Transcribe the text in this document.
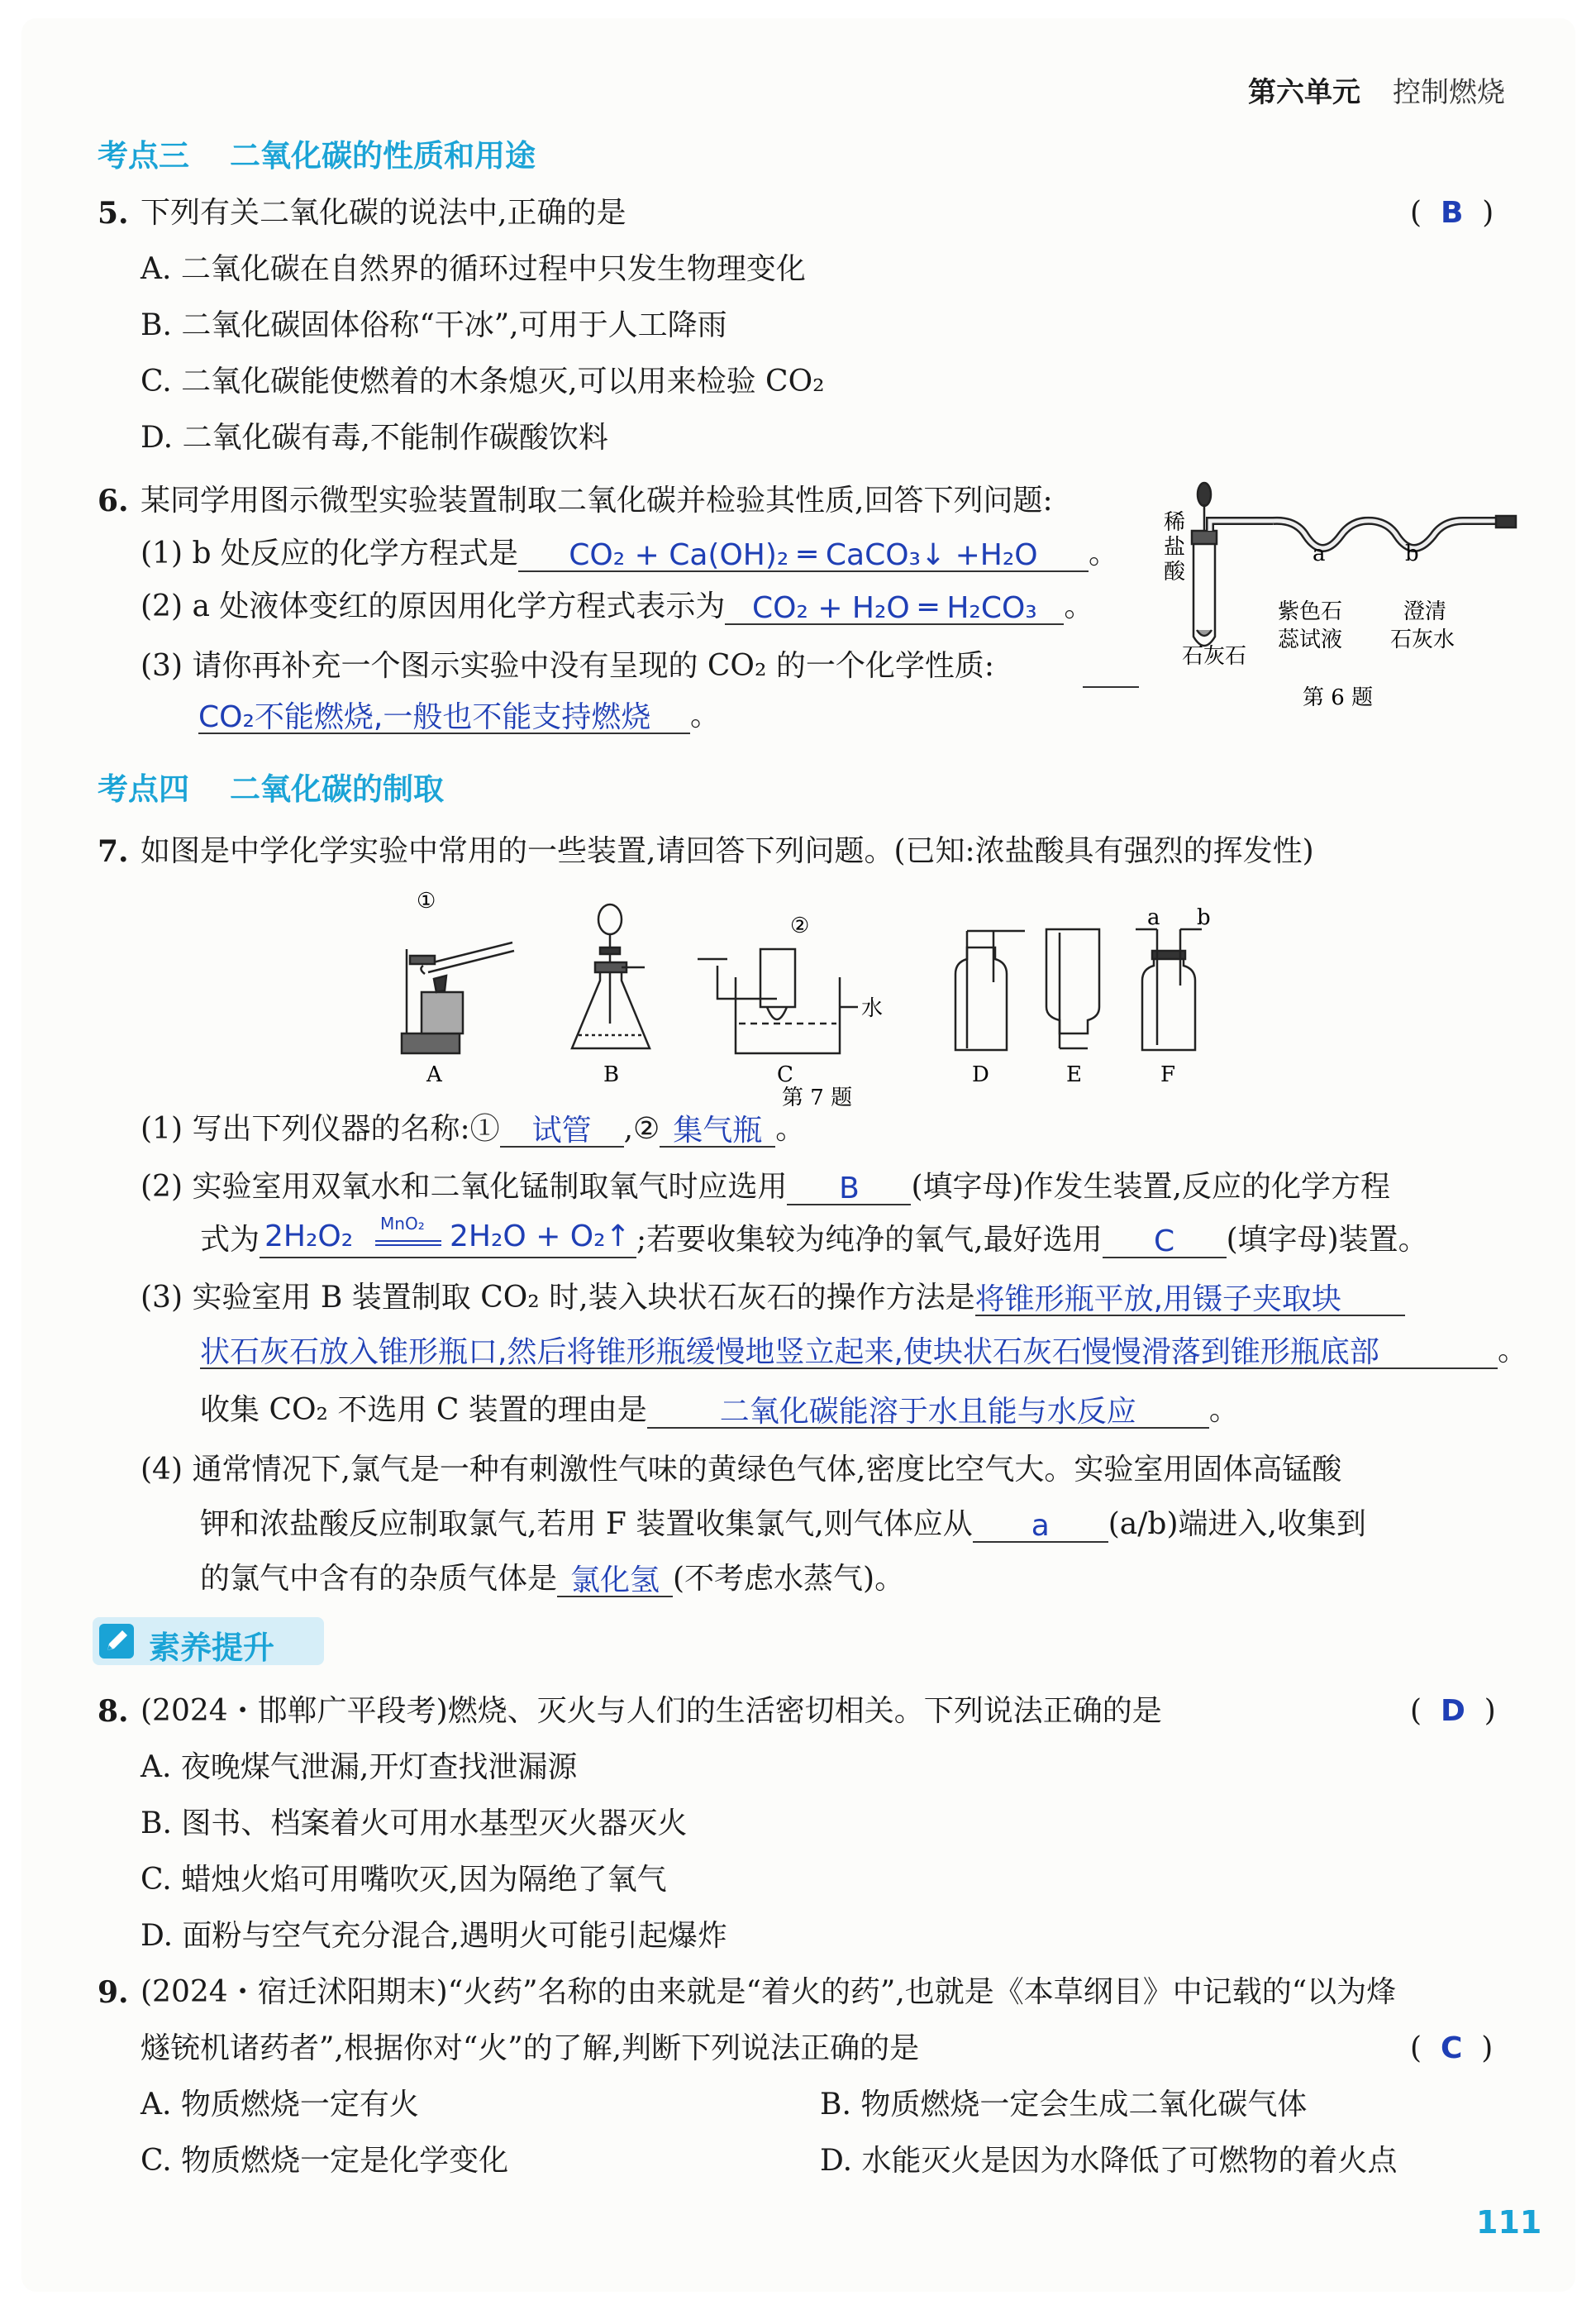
第六单元 控制燃烧
考点三 二氧化碳的性质和用途
5. 下列有关二氧化碳的说法中,正确的是	( B )
A. 二氧化碳在自然界的循环过程中只发生物理变化
B. 二氧化碳固体俗称“干冰”,可用于人工降雨
C. 二氧化碳能使燃着的木条熄灭,可以用来检验 CO₂
D. 二氧化碳有毒,不能制作碳酸饮料
6. 某同学用图示微型实验装置制取二氧化碳并检验其性质,回答下列问题:
(1) b 处反应的化学方程式是 CO₂ + Ca(OH)₂ ═ CaCO₃↓ +H₂O 。
(2) a 处液体变红的原因用化学方程式表示为 CO₂ + H₂O ═ H₂CO₃ 。
(3) 请你再补充一个图示实验中没有呈现的 CO₂ 的一个化学性质:
CO₂不能燃烧,一般也不能支持燃烧 。
a	b
稀
盐
酸
紫色石
蕊试液
澄清
石灰水
石灰石
第 6 题
考点四 二氧化碳的制取
7. 如图是中学化学实验中常用的一些装置,请回答下列问题。(已知:浓盐酸具有强烈的挥发性)
①
②
水
a b
A	B	C	D	E	F
第 7 题
(1) 写出下列仪器的名称:① 试管 ,② 集气瓶 。
(2) 实验室用双氧水和二氧化锰制取氧气时应选用 B (填字母)作发生装置,反应的化学方程
式为 2H₂O₂ MnO₂ 2H₂O + O₂↑ ;若要收集较为纯净的氧气,最好选用 C (填字母)装置。
(3) 实验室用 B 装置制取 CO₂ 时,装入块状石灰石的操作方法是将锥形瓶平放,用镊子夹取块
状石灰石放入锥形瓶口,然后将锥形瓶缓慢地竖立起来,使块状石灰石慢慢滑落到锥形瓶底部	。
收集 CO₂ 不选用 C 装置的理由是 二氧化碳能溶于水且能与水反应 。
(4) 通常情况下,氯气是一种有刺激性气味的黄绿色气体,密度比空气大。实验室用固体高锰酸
钾和浓盐酸反应制取氯气,若用 F 装置收集氯气,则气体应从 a (a/b)端进入,收集到
的氯气中含有的杂质气体是 氯化氢 (不考虑水蒸气)。
素养提升
8. (2024・邯郸广平段考)燃烧、灭火与人们的生活密切相关。下列说法正确的是	( D )
A. 夜晚煤气泄漏,开灯查找泄漏源
B. 图书、档案着火可用水基型灭火器灭火
C. 蜡烛火焰可用嘴吹灭,因为隔绝了氧气
D. 面粉与空气充分混合,遇明火可能引起爆炸
9. (2024・宿迁沭阳期末)“火药”名称的由来就是“着火的药”,也就是《本草纲目》中记载的“以为烽
燧铳机诸药者”,根据你对“火”的了解,判断下列说法正确的是	( C )
A. 物质燃烧一定有火	B. 物质燃烧一定会生成二氧化碳气体
C. 物质燃烧一定是化学变化	D. 水能灭火是因为水降低了可燃物的着火点
111
